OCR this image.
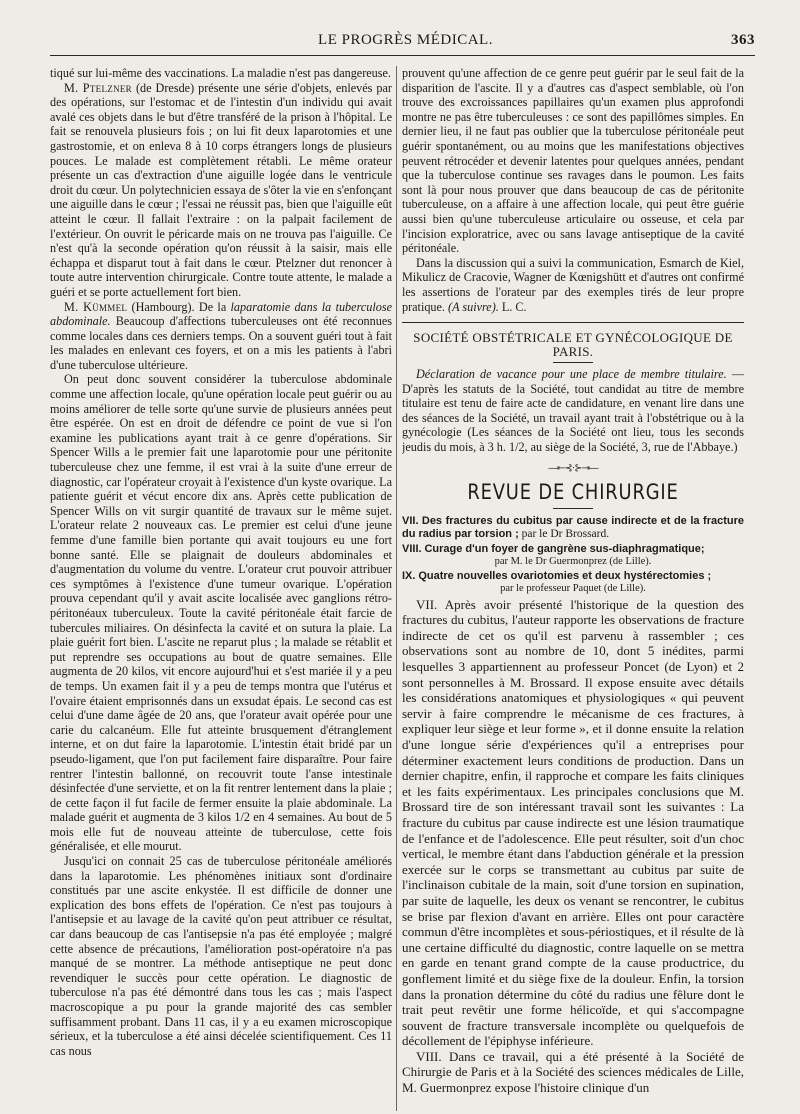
LE PROGRÈS MÉDICAL.	363

tiqué sur lui-même des vaccinations. La maladie n'est pas dangereuse.

M. Ptelzner (de Dresde) présente une série d'objets, enlevés par des opérations, sur l'estomac et de l'intestin d'un individu qui avait avalé ces objets dans le but d'être transféré de la prison à l'hôpital. Le fait se renouvela plusieurs fois ; on lui fit deux laparotomies et une gastrostomie, et on enleva 8 à 10 corps étrangers longs de plusieurs pouces. Le malade est complètement rétabli. Le même orateur présente un cas d'extraction d'une aiguille logée dans le ventricule droit du cœur. Un polytechnicien essaya de s'ôter la vie en s'enfonçant une aiguille dans le cœur ; l'essai ne réussit pas, bien que l'aiguille eût atteint le cœur. Il fallait l'extraire : on la palpait facilement de l'extérieur. On ouvrit le péricarde mais on ne trouva pas l'aiguille. Ce n'est qu'à la seconde opération qu'on réussit à la saisir, mais elle échappa et disparut tout à fait dans le cœur. Ptelzner dut renoncer à toute autre intervention chirurgicale. Contre toute attente, le malade a guéri et se porte actuellement fort bien.

M. Kümmel (Hambourg). De la laparatomie dans la tuberculose abdominale. Beaucoup d'affections tuberculeuses ont été reconnues comme locales dans ces derniers temps. On a souvent guéri tout à fait les malades en enlevant ces foyers, et on a mis les patients à l'abri d'une tuberculose ultérieure.

On peut donc souvent considérer la tuberculose abdominale comme une affection locale, qu'une opération locale peut guérir ou au moins améliorer de telle sorte qu'une survie de plusieurs années peut être espérée. On est en droit de défendre ce point de vue si l'on examine les publications ayant trait à ce genre d'opérations. Sir Spencer Wills a le premier fait une laparotomie pour une péritonite tuberculeuse chez une femme, il est vrai à la suite d'une erreur de diagnostic, car l'opérateur croyait à l'existence d'un kyste ovarique. La patiente guérit et vécut encore dix ans. Après cette publication de Spencer Wills on vit surgir quantité de travaux sur le même sujet. L'orateur relate 2 nouveaux cas. Le premier est celui d'une jeune femme d'une famille bien portante qui avait toujours eu une fort bonne santé. Elle se plaignait de douleurs abdominales et d'augmentation du volume du ventre. L'orateur crut pouvoir attribuer ces symptômes à l'existence d'une tumeur ovarique. L'opération prouva cependant qu'il y avait ascite localisée avec ganglions rétro-péritonéaux tuberculeux. Toute la cavité péritonéale était farcie de tubercules miliaires. On désinfecta la cavité et on sutura la plaie. La plaie guérit fort bien. L'ascite ne reparut plus ; la malade se rétablit et put reprendre ses occupations au bout de quatre semaines. Elle augmenta de 20 kilos, vit encore aujourd'hui et s'est mariée il y a peu de temps. Un examen fait il y a peu de temps montra que l'utérus et l'ovaire étaient emprisonnés dans un exsudat épais. Le second cas est celui d'une dame âgée de 20 ans, que l'orateur avait opérée pour une carie du calcanéum. Elle fut atteinte brusquement d'étranglement interne, et on dut faire la laparotomie. L'intestin était bridé par un pseudo-ligament, que l'on put facilement faire disparaître. Pour faire rentrer l'intestin ballonné, on recouvrit toute l'anse intestinale désinfectée d'une serviette, et on la fit rentrer lentement dans la plaie ; de cette façon il fut facile de fermer ensuite la plaie abdominale. La malade guérit et augmenta de 3 kilos 1/2 en 4 semaines. Au bout de 5 mois elle fut de nouveau atteinte de tuberculose, cette fois généralisée, et elle mourut.

Jusqu'ici on connait 25 cas de tuberculose péritonéale améliorés dans la laparotomie. Les phénomènes initiaux sont d'ordinaire constitués par une ascite enkystée. Il est difficile de donner une explication des bons effets de l'opération. Ce n'est pas toujours à l'antisepsie et au lavage de la cavité qu'on peut attribuer ce résultat, car dans beaucoup de cas l'antisepsie n'a pas été employée ; malgré cette absence de précautions, l'amélioration post-opératoire n'a pas manqué de se montrer. La méthode antiseptique ne peut donc revendiquer le succès pour cette opération. Le diagnostic de tuberculose n'a pas été démontré dans tous les cas ; mais l'aspect macroscopique a pu pour la grande majorité des cas sembler suffisamment probant. Dans 11 cas, il y a eu examen microscopique sérieux, et la tuberculose a été ainsi décelée scientifiquement. Ces 11 cas nous

prouvent qu'une affection de ce genre peut guérir par le seul fait de la disparition de l'ascite. Il y a d'autres cas d'aspect semblable, où l'on trouve des excroissances papillaires qu'un examen plus approfondi montre ne pas être tuberculeuses : ce sont des papillômes simples. En dernier lieu, il ne faut pas oublier que la tuberculose péritonéale peut guérir spontanément, ou au moins que les manifestations objectives peuvent rétrocéder et devenir latentes pour quelques années, pendant que la tuberculose continue ses ravages dans le poumon. Les faits sont là pour nous prouver que dans beaucoup de cas de péritonite tuberculeuse, on a affaire à une affection locale, qui peut être guérie aussi bien qu'une tuberculeuse articulaire ou osseuse, et cela par l'incision exploratrice, avec ou sans lavage antiseptique de la cavité péritonéale.

Dans la discussion qui a suivi la communication, Esmarch de Kiel, Mikulicz de Cracovie, Wagner de Kœnigshütt et d'autres ont confirmé les assertions de l'orateur par des exemples tirés de leur propre pratique. (A suivre). L. C.

SOCIÉTÉ OBSTÉTRICALE ET GYNÉCOLOGIQUE DE PARIS.

Déclaration de vacance pour une place de membre titulaire. — D'après les statuts de la Société, tout candidat au titre de membre titulaire est tenu de faire acte de candidature, en venant lire dans une des séances de la Société, un travail ayant trait à l'obstétrique ou à la gynécologie (Les séances de la Société ont lieu, tous les seconds jeudis du mois, à 3 h. 1/2, au siège de la Société, 3, rue de l'Abbaye.)

—⇤⊰⋅⊱⇥—
REVUE DE CHIRURGIE

VII. Des fractures du cubitus par cause indirecte et de la fracture du radius par torsion ; par le Dr Brossard.

VIII. Curage d'un foyer de gangrène sus-diaphragmatique;
par M. le Dr Guermonprez (de Lille).

IX. Quatre nouvelles ovariotomies et deux hystérectomies ;
par le professeur Paquet (de Lille).

VII. Après avoir présenté l'historique de la question des fractures du cubitus, l'auteur rapporte les observations de fracture indirecte de cet os qu'il est parvenu à rassembler ; ces observations sont au nombre de 10, dont 5 inédites, parmi lesquelles 3 appartiennent au professeur Poncet (de Lyon) et 2 sont personnelles à M. Brossard. Il expose ensuite avec détails les considérations anatomiques et physiologiques « qui peuvent servir à faire comprendre le mécanisme de ces fractures, à expliquer leur siège et leur forme », et il donne ensuite la relation d'une longue série d'expériences qu'il a entreprises pour déterminer exactement leurs conditions de production. Dans un dernier chapitre, enfin, il rapproche et compare les faits cliniques et les faits expérimentaux. Les principales conclusions que M. Brossard tire de son intéressant travail sont les suivantes : La fracture du cubitus par cause indirecte est une lésion traumatique de l'enfance et de l'adolescence. Elle peut résulter, soit d'un choc vertical, le membre étant dans l'abduction générale et la pression exercée sur le corps se transmettant au cubitus par suite de l'inclinaison cubitale de la main, soit d'une torsion en supination, par suite de laquelle, les deux os venant se rencontrer, le cubitus se brise par flexion d'avant en arrière. Elles ont pour caractère commun d'être incomplètes et sous-périostiques, et il résulte de là une certaine difficulté du diagnostic, contre laquelle on se mettra en garde en tenant grand compte de la cause productrice, du gonflement limité et du siège fixe de la douleur. Enfin, la torsion dans la pronation détermine du côté du radius une fêlure dont le trait peut revêtir une forme hélicoïde, et qui s'accompagne souvent de fracture transversale incomplète ou quelquefois de décollement de l'épiphyse inférieure.

VIII. Dans ce travail, qui a été présenté à la Société de Chirurgie de Paris et à la Société des sciences médicales de Lille, M. Guermonprez expose l'histoire clinique d'un
